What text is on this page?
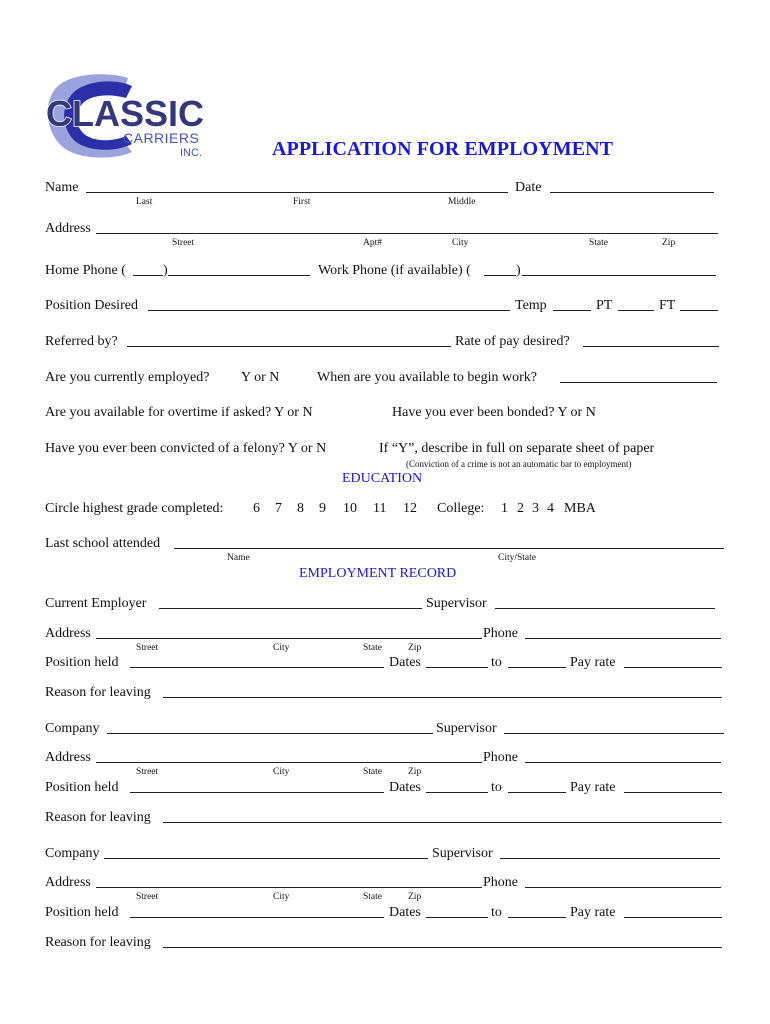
CLASSIC
CARRIERS
INC.	APPLICATION FOR EMPLOYMENT
Name	Date
Last	First	Middle
Address
Street	Apt#	City	State	Zip
Home Phone (	)	Work Phone (if available) (	)
Position Desired	Temp	PT	FT
Referred by?	Rate of pay desired?
Are you currently employed? Y or N	When are you available to begin work?
Are you available for overtime if asked? Y or N	Have you ever been bonded? Y or N
Have you ever been convicted of a felony? Y or N	If “Y”, describe in full on separate sheet of paper
(Conviction of a crime is not an automatic bar to employment)
EDUCATION
Circle highest grade completed: 6 7 8 9 10 11 12 College: 1 2 3 4 MBA
Last school attended
Name	City/State
EMPLOYMENT RECORD
Current Employer	Supervisor
Address	Phone
Street	City	State	Zip
Position held	Dates	to	Pay rate
Reason for leaving
Company	Supervisor
Address	Phone
Street	City	State	Zip
Position held	Dates	to	Pay rate
Reason for leaving
Company	Supervisor
Address	Phone
Street	City	State	Zip
Position held	Dates	to	Pay rate
Reason for leaving
